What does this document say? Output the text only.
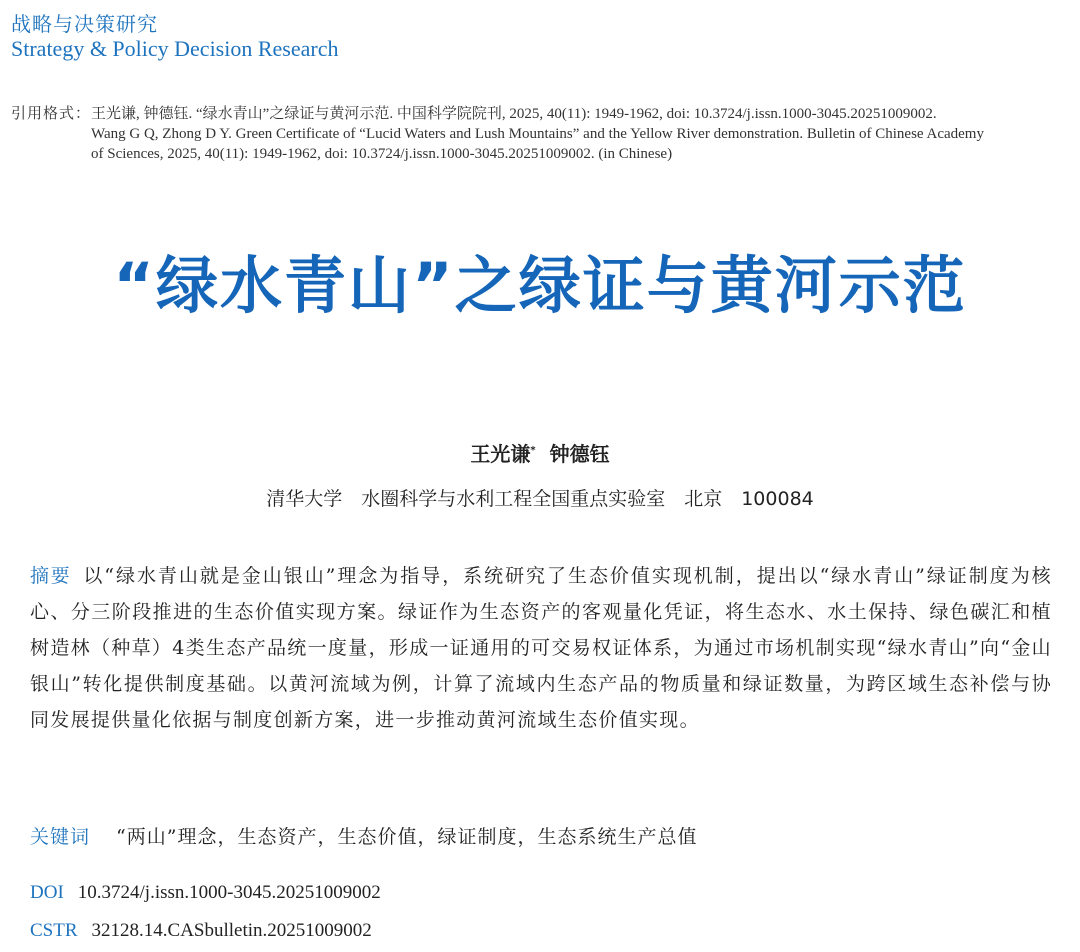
战略与决策研究
Strategy & Policy Decision Research
引用格式：王光谦, 钟德钰. “绿水青山”之绿证与黄河示范. 中国科学院院刊, 2025, 40(11): 1949-1962, doi: 10.3724/j.issn.1000-3045.20251009002.
Wang G Q, Zhong D Y. Green Certificate of “Lucid Waters and Lush Mountains” and the Yellow River demonstration. Bulletin of Chinese Academy
of Sciences, 2025, 40(11): 1949-1962, doi: 10.3724/j.issn.1000-3045.20251009002. (in Chinese)
“绿水青山”之绿证与黄河示范
王光谦* 钟德钰
清华大学　水圈科学与水利工程全国重点实验室　北京　100084
摘要 以“绿水青山就是金山银山”理念为指导，系统研究了生态价值实现机制，提出以“绿水青山”绿证制度为核心、分三阶段推进的生态价值实现方案。绿证作为生态资产的客观量化凭证，将生态水、水土保持、绿色碳汇和植树造林（种草）4类生态产品统一度量，形成一证通用的可交易权证体系，为通过市场机制实现“绿水青山”向“金山银山”转化提供制度基础。以黄河流域为例，计算了流域内生态产品的物质量和绿证数量，为跨区域生态补偿与协同发展提供量化依据与制度创新方案，进一步推动黄河流域生态价值实现。
关键词 “两山”理念，生态资产，生态价值，绿证制度，生态系统生产总值
DOI 10.3724/j.issn.1000-3045.20251009002
CSTR 32128.14.CASbulletin.20251009002
